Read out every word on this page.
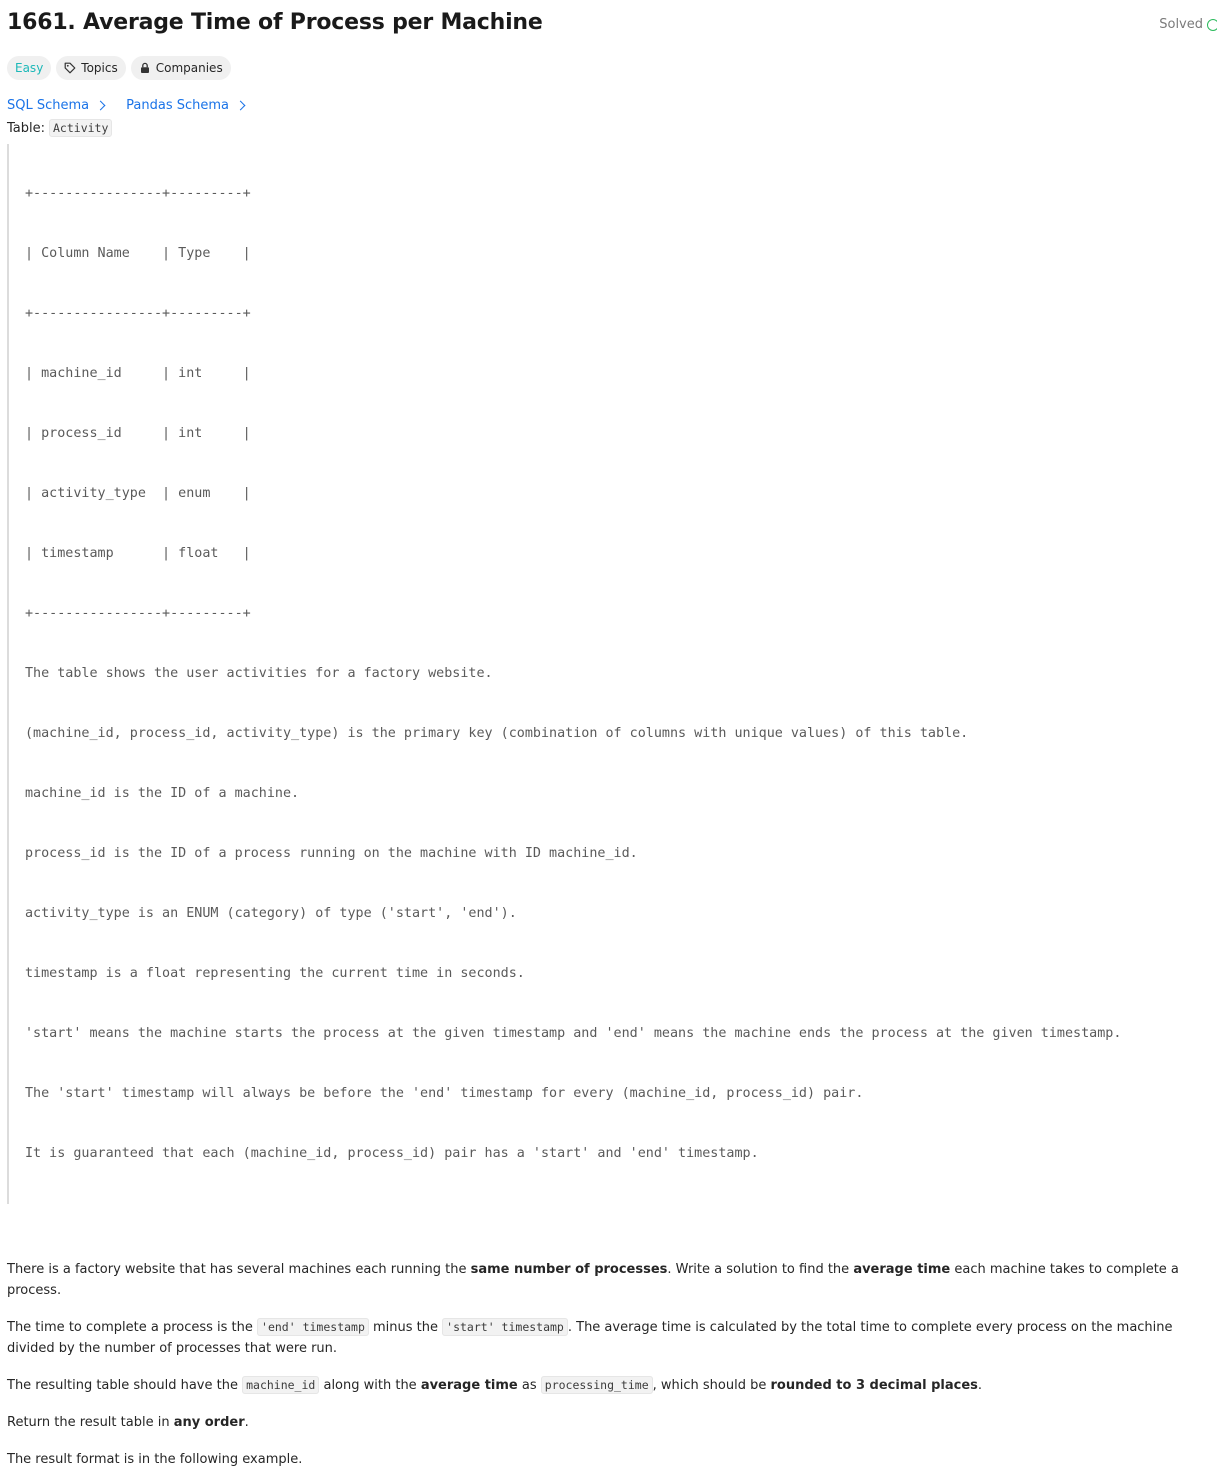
1661. Average Time of Process per Machine	Solved
Easy	Topics	Companies
SQL Schema	Pandas Schema
Table: Activity

+----------------+---------+

| Column Name    | Type    |

+----------------+---------+

| machine_id     | int     |

| process_id     | int     |

| activity_type  | enum    |

| timestamp      | float   |

+----------------+---------+

The table shows the user activities for a factory website.

(machine_id, process_id, activity_type) is the primary key (combination of columns with unique values) of this table.

machine_id is the ID of a machine.

process_id is the ID of a process running on the machine with ID machine_id.

activity_type is an ENUM (category) of type ('start', 'end').

timestamp is a float representing the current time in seconds.

'start' means the machine starts the process at the given timestamp and 'end' means the machine ends the process at the given timestamp.

The 'start' timestamp will always be before the 'end' timestamp for every (machine_id, process_id) pair.

It is guaranteed that each (machine_id, process_id) pair has a 'start' and 'end' timestamp.

There is a factory website that has several machines each running the same number of processes. Write a solution to find the average time each machine takes to complete a process.

The time to complete a process is the 'end' timestamp minus the 'start' timestamp . The average time is calculated by the total time to complete every process on the machine divided by the number of processes that were run.

The resulting table should have the machine_id along with the average time as processing_time , which should be rounded to 3 decimal places.

Return the result table in any order.

The result format is in the following example.
